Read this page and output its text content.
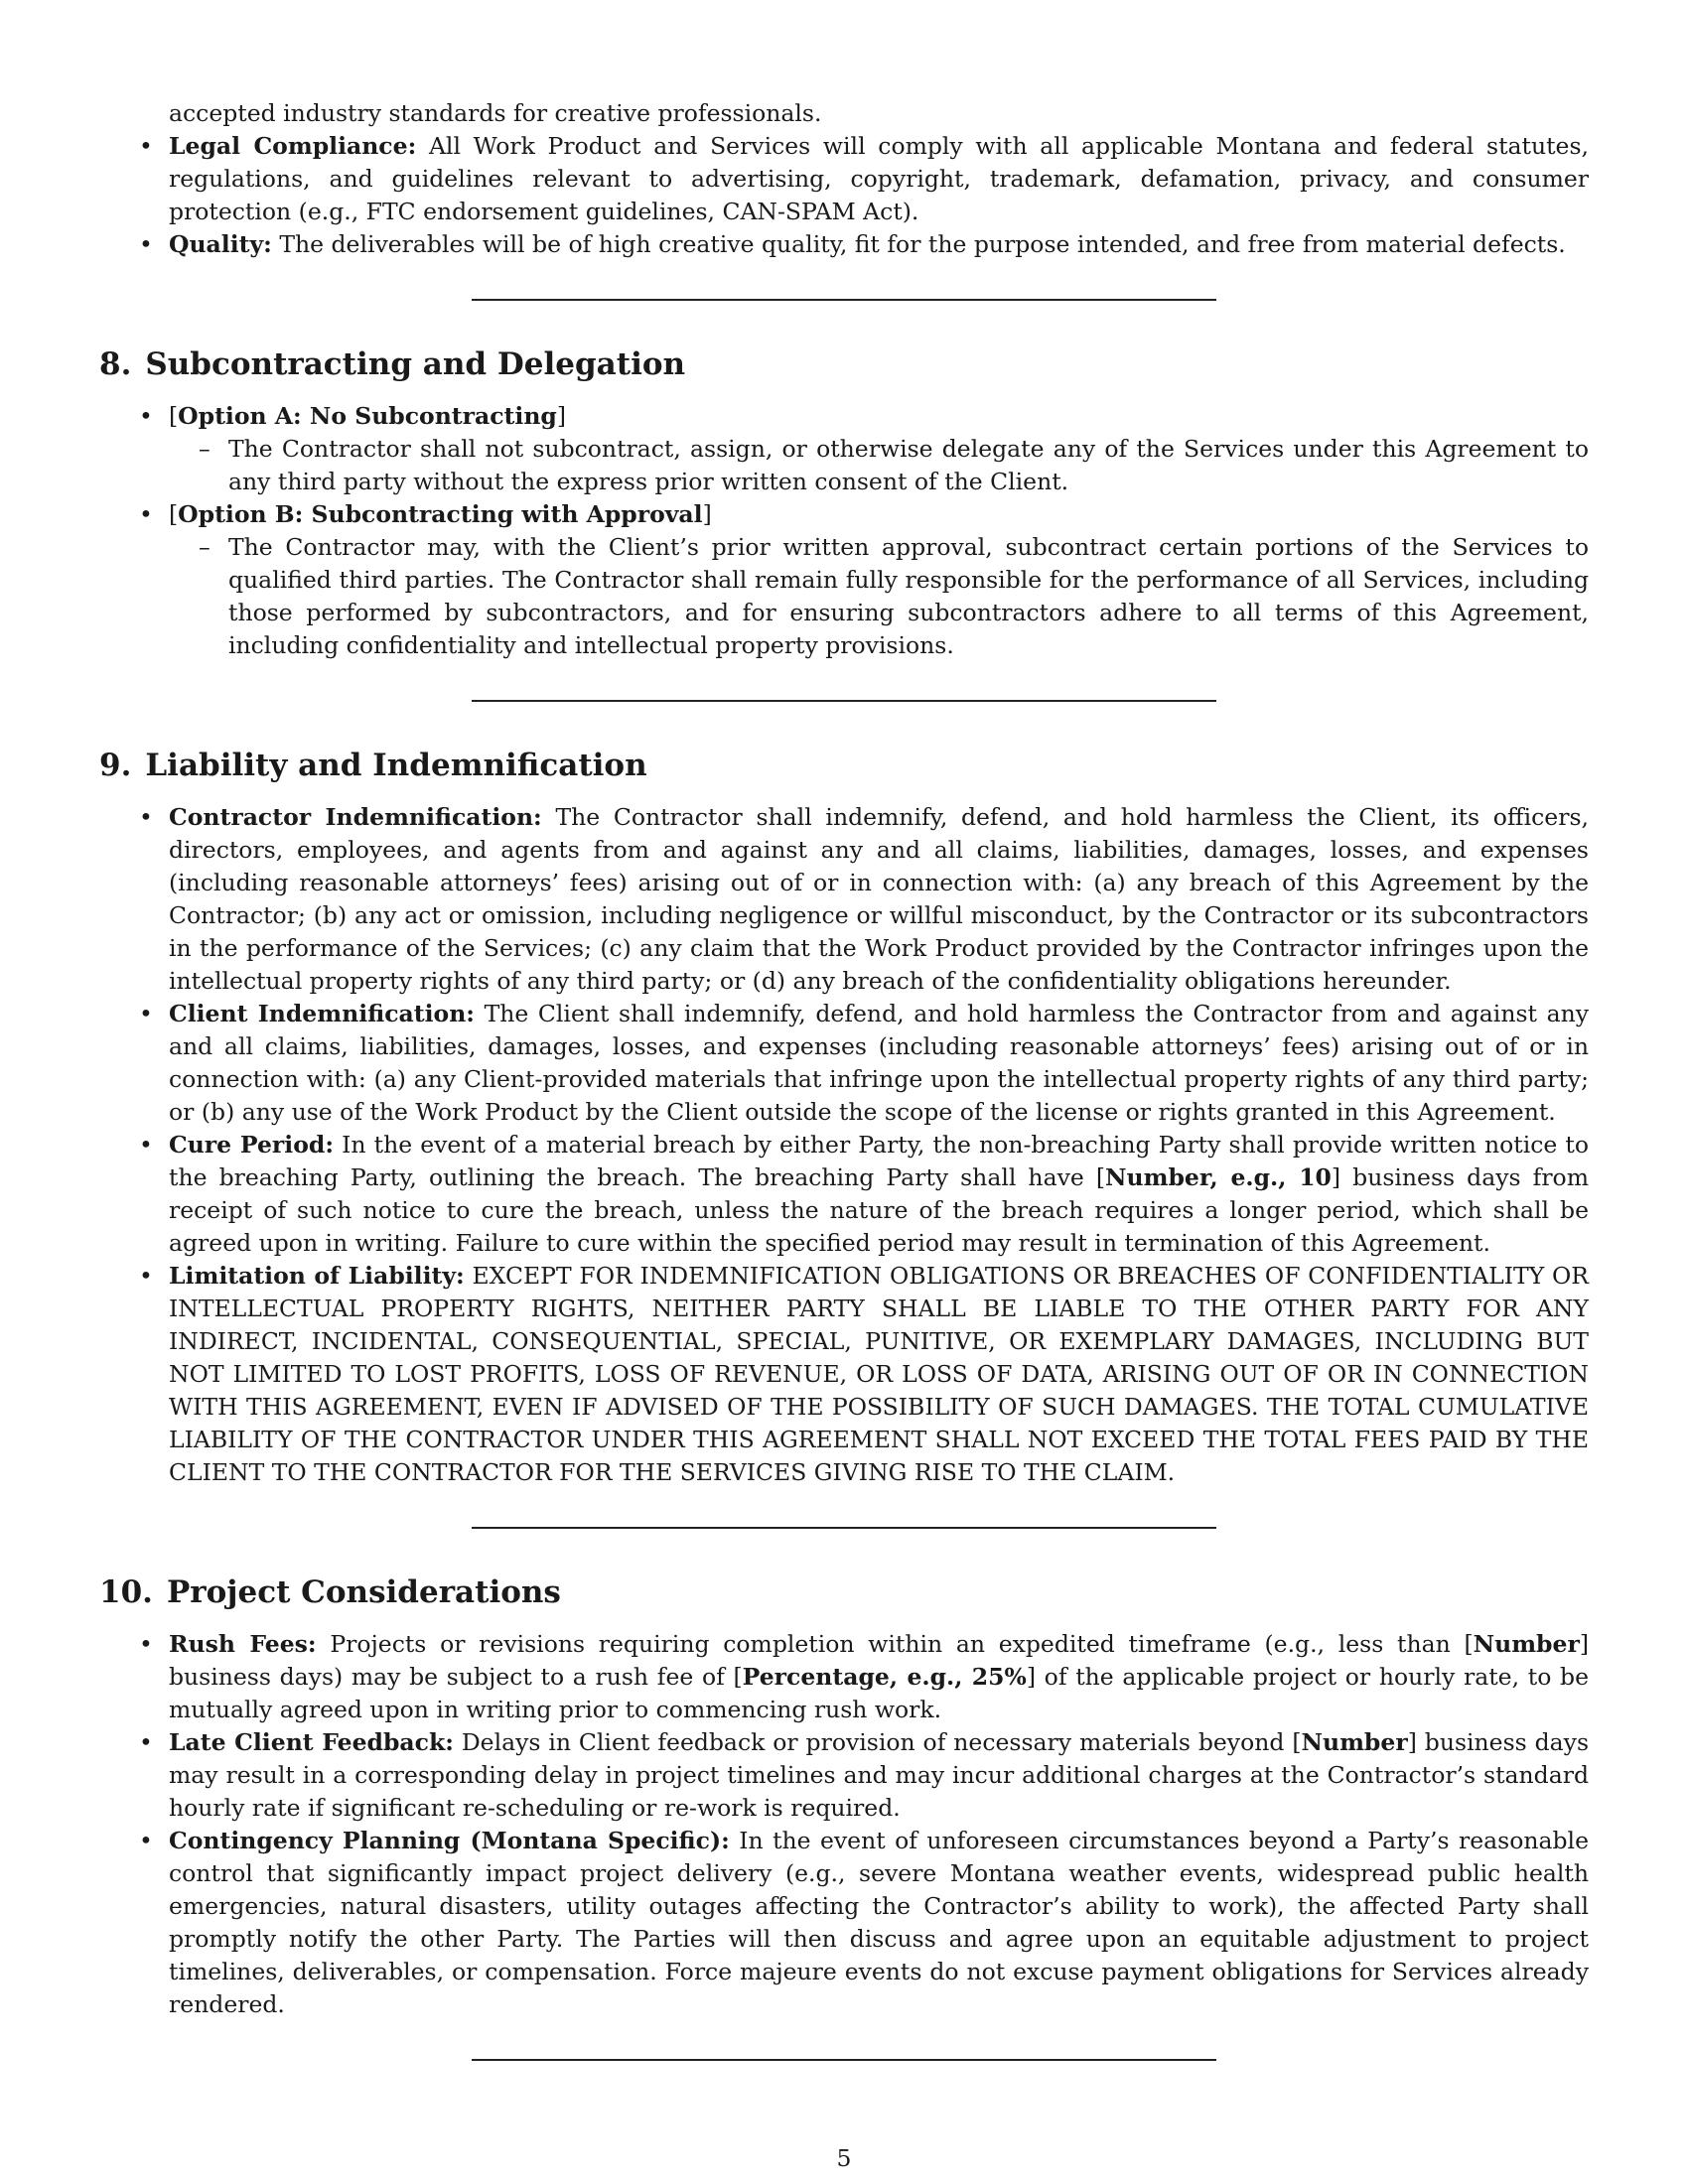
accepted industry standards for creative professionals.
• Legal Compliance: All Work Product and Services will comply with all applicable Montana and federal statutes, regulations, and guidelines relevant to advertising, copyright, trademark, defamation, privacy, and consumer protection (e.g., FTC endorsement guidelines, CAN-SPAM Act).
• Quality: The deliverables will be of high creative quality, fit for the purpose intended, and free from material defects.
8. Subcontracting and Delegation
• [Option A: No Subcontracting]
– The Contractor shall not subcontract, assign, or otherwise delegate any of the Services under this Agreement to any third party without the express prior written consent of the Client.
• [Option B: Subcontracting with Approval]
– The Contractor may, with the Client’s prior written approval, subcontract certain portions of the Services to qualified third parties. The Contractor shall remain fully responsible for the performance of all Services, including those performed by subcontractors, and for ensuring subcontractors adhere to all terms of this Agreement, including confidentiality and intellectual property provisions.
9. Liability and Indemnification
• Contractor Indemnification: The Contractor shall indemnify, defend, and hold harmless the Client, its officers, directors, employees, and agents from and against any and all claims, liabilities, damages, losses, and expenses (including reasonable attorneys’ fees) arising out of or in connection with: (a) any breach of this Agreement by the Contractor; (b) any act or omission, including negligence or willful misconduct, by the Contractor or its subcontractors in the performance of the Services; (c) any claim that the Work Product provided by the Contractor infringes upon the intellectual property rights of any third party; or (d) any breach of the confidentiality obligations hereunder.
• Client Indemnification: The Client shall indemnify, defend, and hold harmless the Contractor from and against any and all claims, liabilities, damages, losses, and expenses (including reasonable attorneys’ fees) arising out of or in connection with: (a) any Client-provided materials that infringe upon the intellectual property rights of any third party; or (b) any use of the Work Product by the Client outside the scope of the license or rights granted in this Agreement.
• Cure Period: In the event of a material breach by either Party, the non-breaching Party shall provide written notice to the breaching Party, outlining the breach. The breaching Party shall have [Number, e.g., 10] business days from receipt of such notice to cure the breach, unless the nature of the breach requires a longer period, which shall be agreed upon in writing. Failure to cure within the specified period may result in termination of this Agreement.
• Limitation of Liability: EXCEPT FOR INDEMNIFICATION OBLIGATIONS OR BREACHES OF CONFIDENTIALITY OR INTELLECTUAL PROPERTY RIGHTS, NEITHER PARTY SHALL BE LIABLE TO THE OTHER PARTY FOR ANY INDIRECT, INCIDENTAL, CONSEQUENTIAL, SPECIAL, PUNITIVE, OR EXEMPLARY DAMAGES, INCLUDING BUT NOT LIMITED TO LOST PROFITS, LOSS OF REVENUE, OR LOSS OF DATA, ARISING OUT OF OR IN CONNECTION WITH THIS AGREEMENT, EVEN IF ADVISED OF THE POSSIBILITY OF SUCH DAMAGES. THE TOTAL CUMULATIVE LIABILITY OF THE CONTRACTOR UNDER THIS AGREEMENT SHALL NOT EXCEED THE TOTAL FEES PAID BY THE CLIENT TO THE CONTRACTOR FOR THE SERVICES GIVING RISE TO THE CLAIM.
10. Project Considerations
• Rush Fees: Projects or revisions requiring completion within an expedited timeframe (e.g., less than [Number] business days) may be subject to a rush fee of [Percentage, e.g., 25%] of the applicable project or hourly rate, to be mutually agreed upon in writing prior to commencing rush work.
• Late Client Feedback: Delays in Client feedback or provision of necessary materials beyond [Number] business days may result in a corresponding delay in project timelines and may incur additional charges at the Contractor’s standard hourly rate if significant re-scheduling or re-work is required.
• Contingency Planning (Montana Specific): In the event of unforeseen circumstances beyond a Party’s reasonable control that significantly impact project delivery (e.g., severe Montana weather events, widespread public health emergencies, natural disasters, utility outages affecting the Contractor’s ability to work), the affected Party shall promptly notify the other Party. The Parties will then discuss and agree upon an equitable adjustment to project timelines, deliverables, or compensation. Force majeure events do not excuse payment obligations for Services already rendered.
5
